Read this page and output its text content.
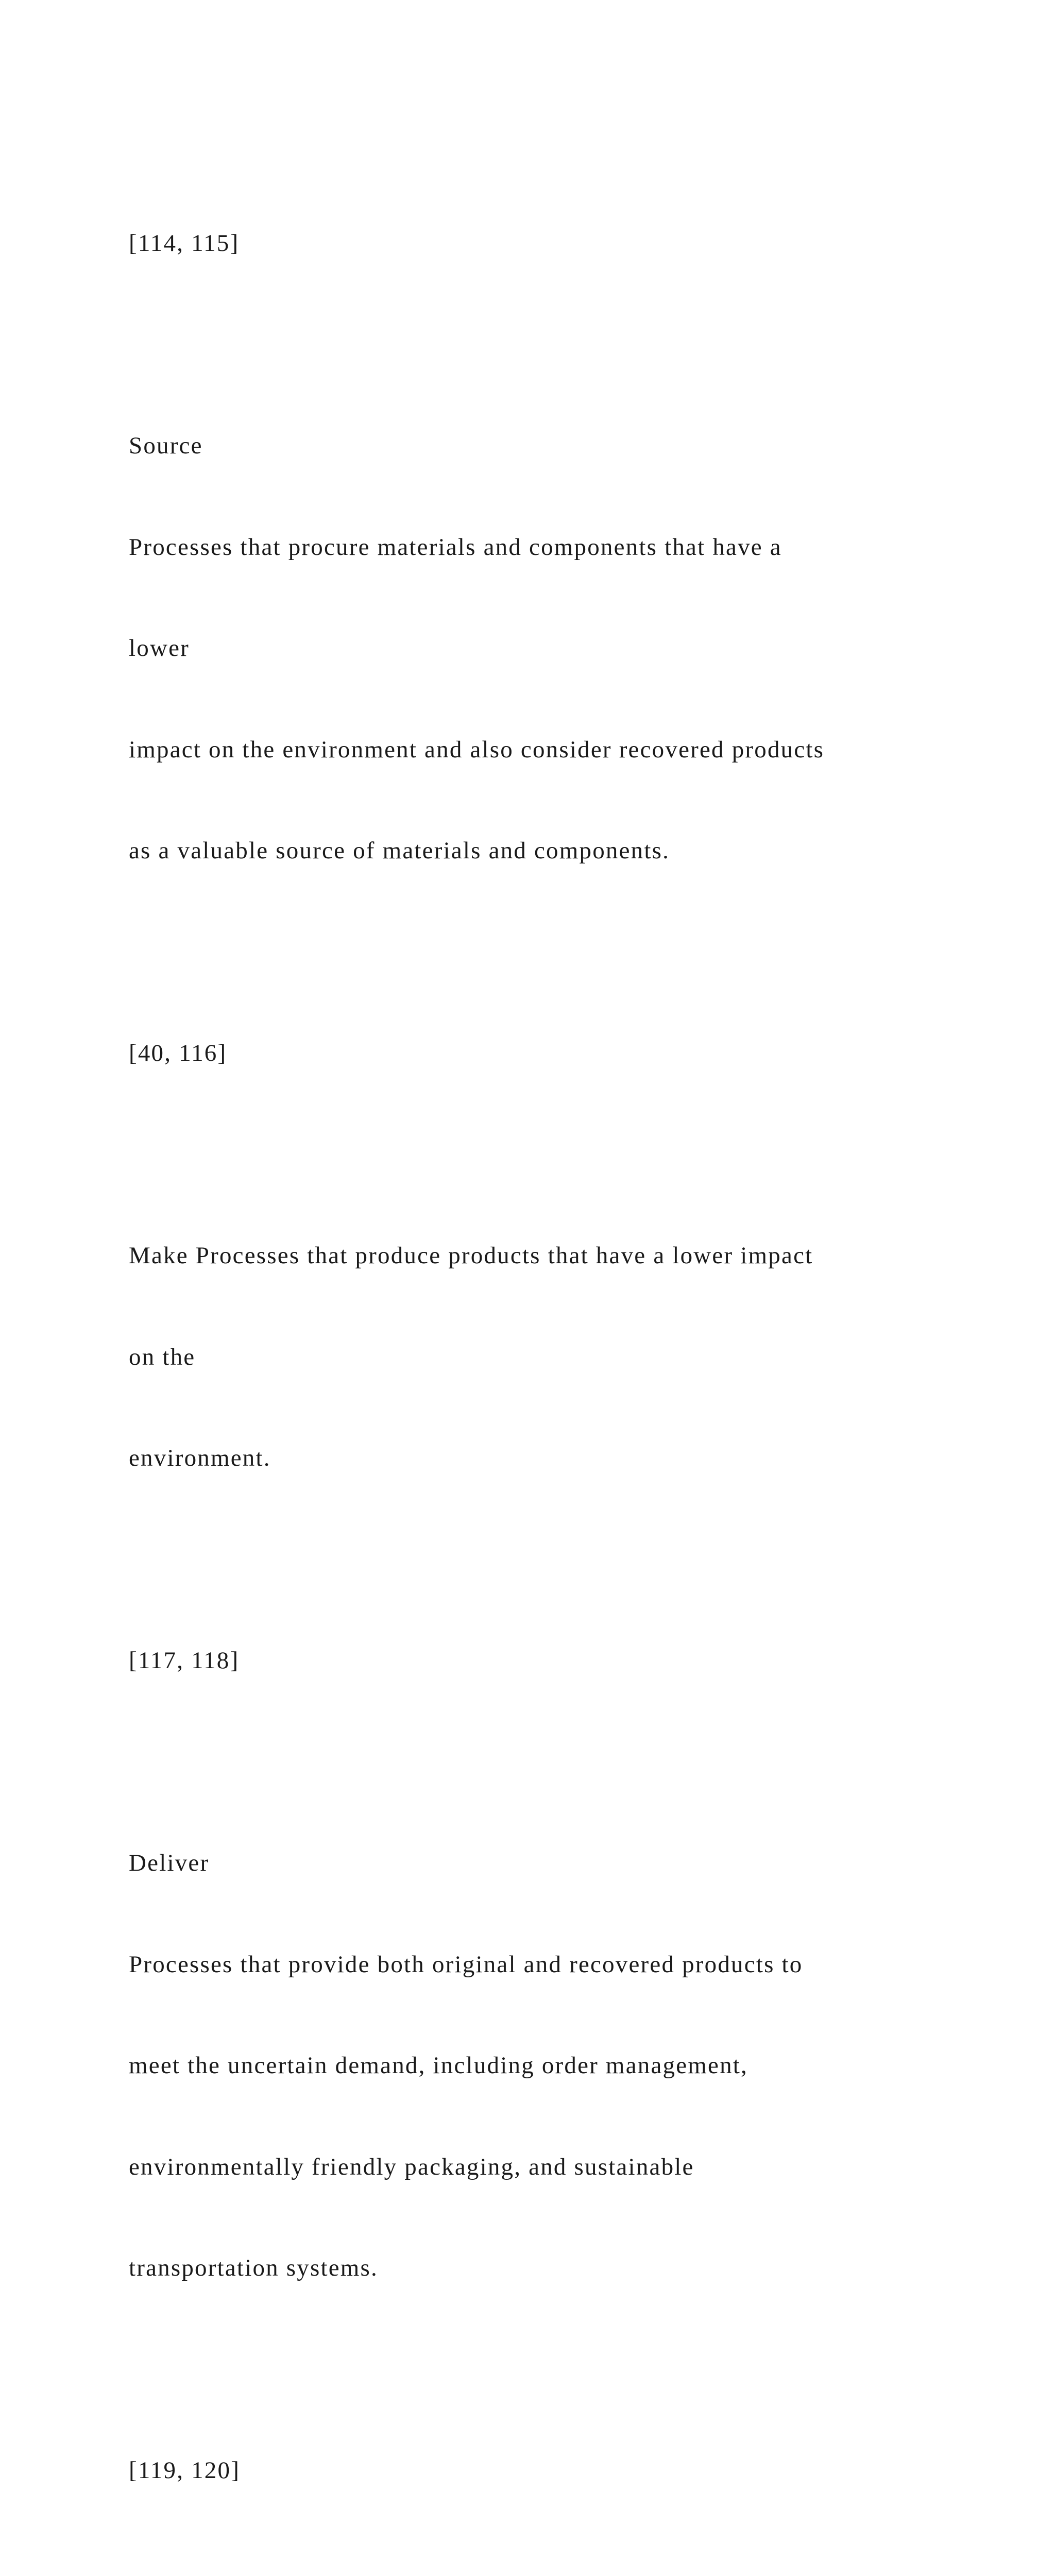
[114, 115]

Source

Processes that procure materials and components that have a

lower

impact on the environment and also consider recovered products

as a valuable source of materials and components.

[40, 116]

Make Processes that produce products that have a lower impact

on the

environment.

[117, 118]

Deliver

Processes that provide both original and recovered products to

meet the uncertain demand, including order management,

environmentally friendly packaging, and sustainable

transportation systems.

[119, 120]
